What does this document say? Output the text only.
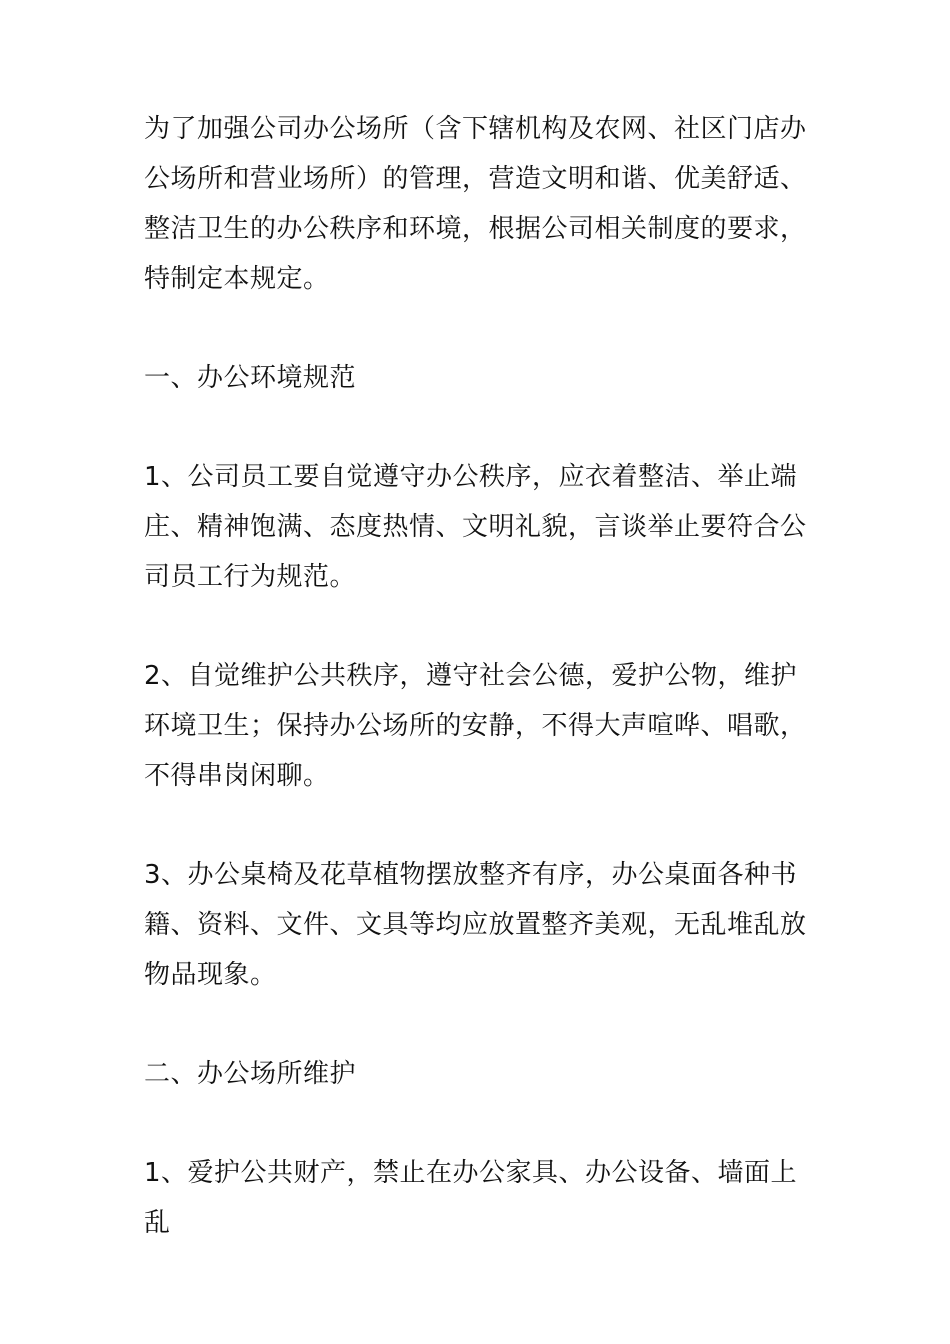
为了加强公司办公场所（含下辖机构及农网、社区门店办公场所和营业场所）的管理，营造文明和谐、优美舒适、整洁卫生的办公秩序和环境，根据公司相关制度的要求，特制定本规定。

一、办公环境规范

1、公司员工要自觉遵守办公秩序，应衣着整洁、举止端庄、精神饱满、态度热情、文明礼貌，言谈举止要符合公司员工行为规范。

2、自觉维护公共秩序，遵守社会公德，爱护公物，维护环境卫生；保持办公场所的安静，不得大声喧哗、唱歌，不得串岗闲聊。

3、办公桌椅及花草植物摆放整齐有序，办公桌面各种书籍、资料、文件、文具等均应放置整齐美观，无乱堆乱放物品现象。

二、办公场所维护

1、爱护公共财产，禁止在办公家具、办公设备、墙面上乱
